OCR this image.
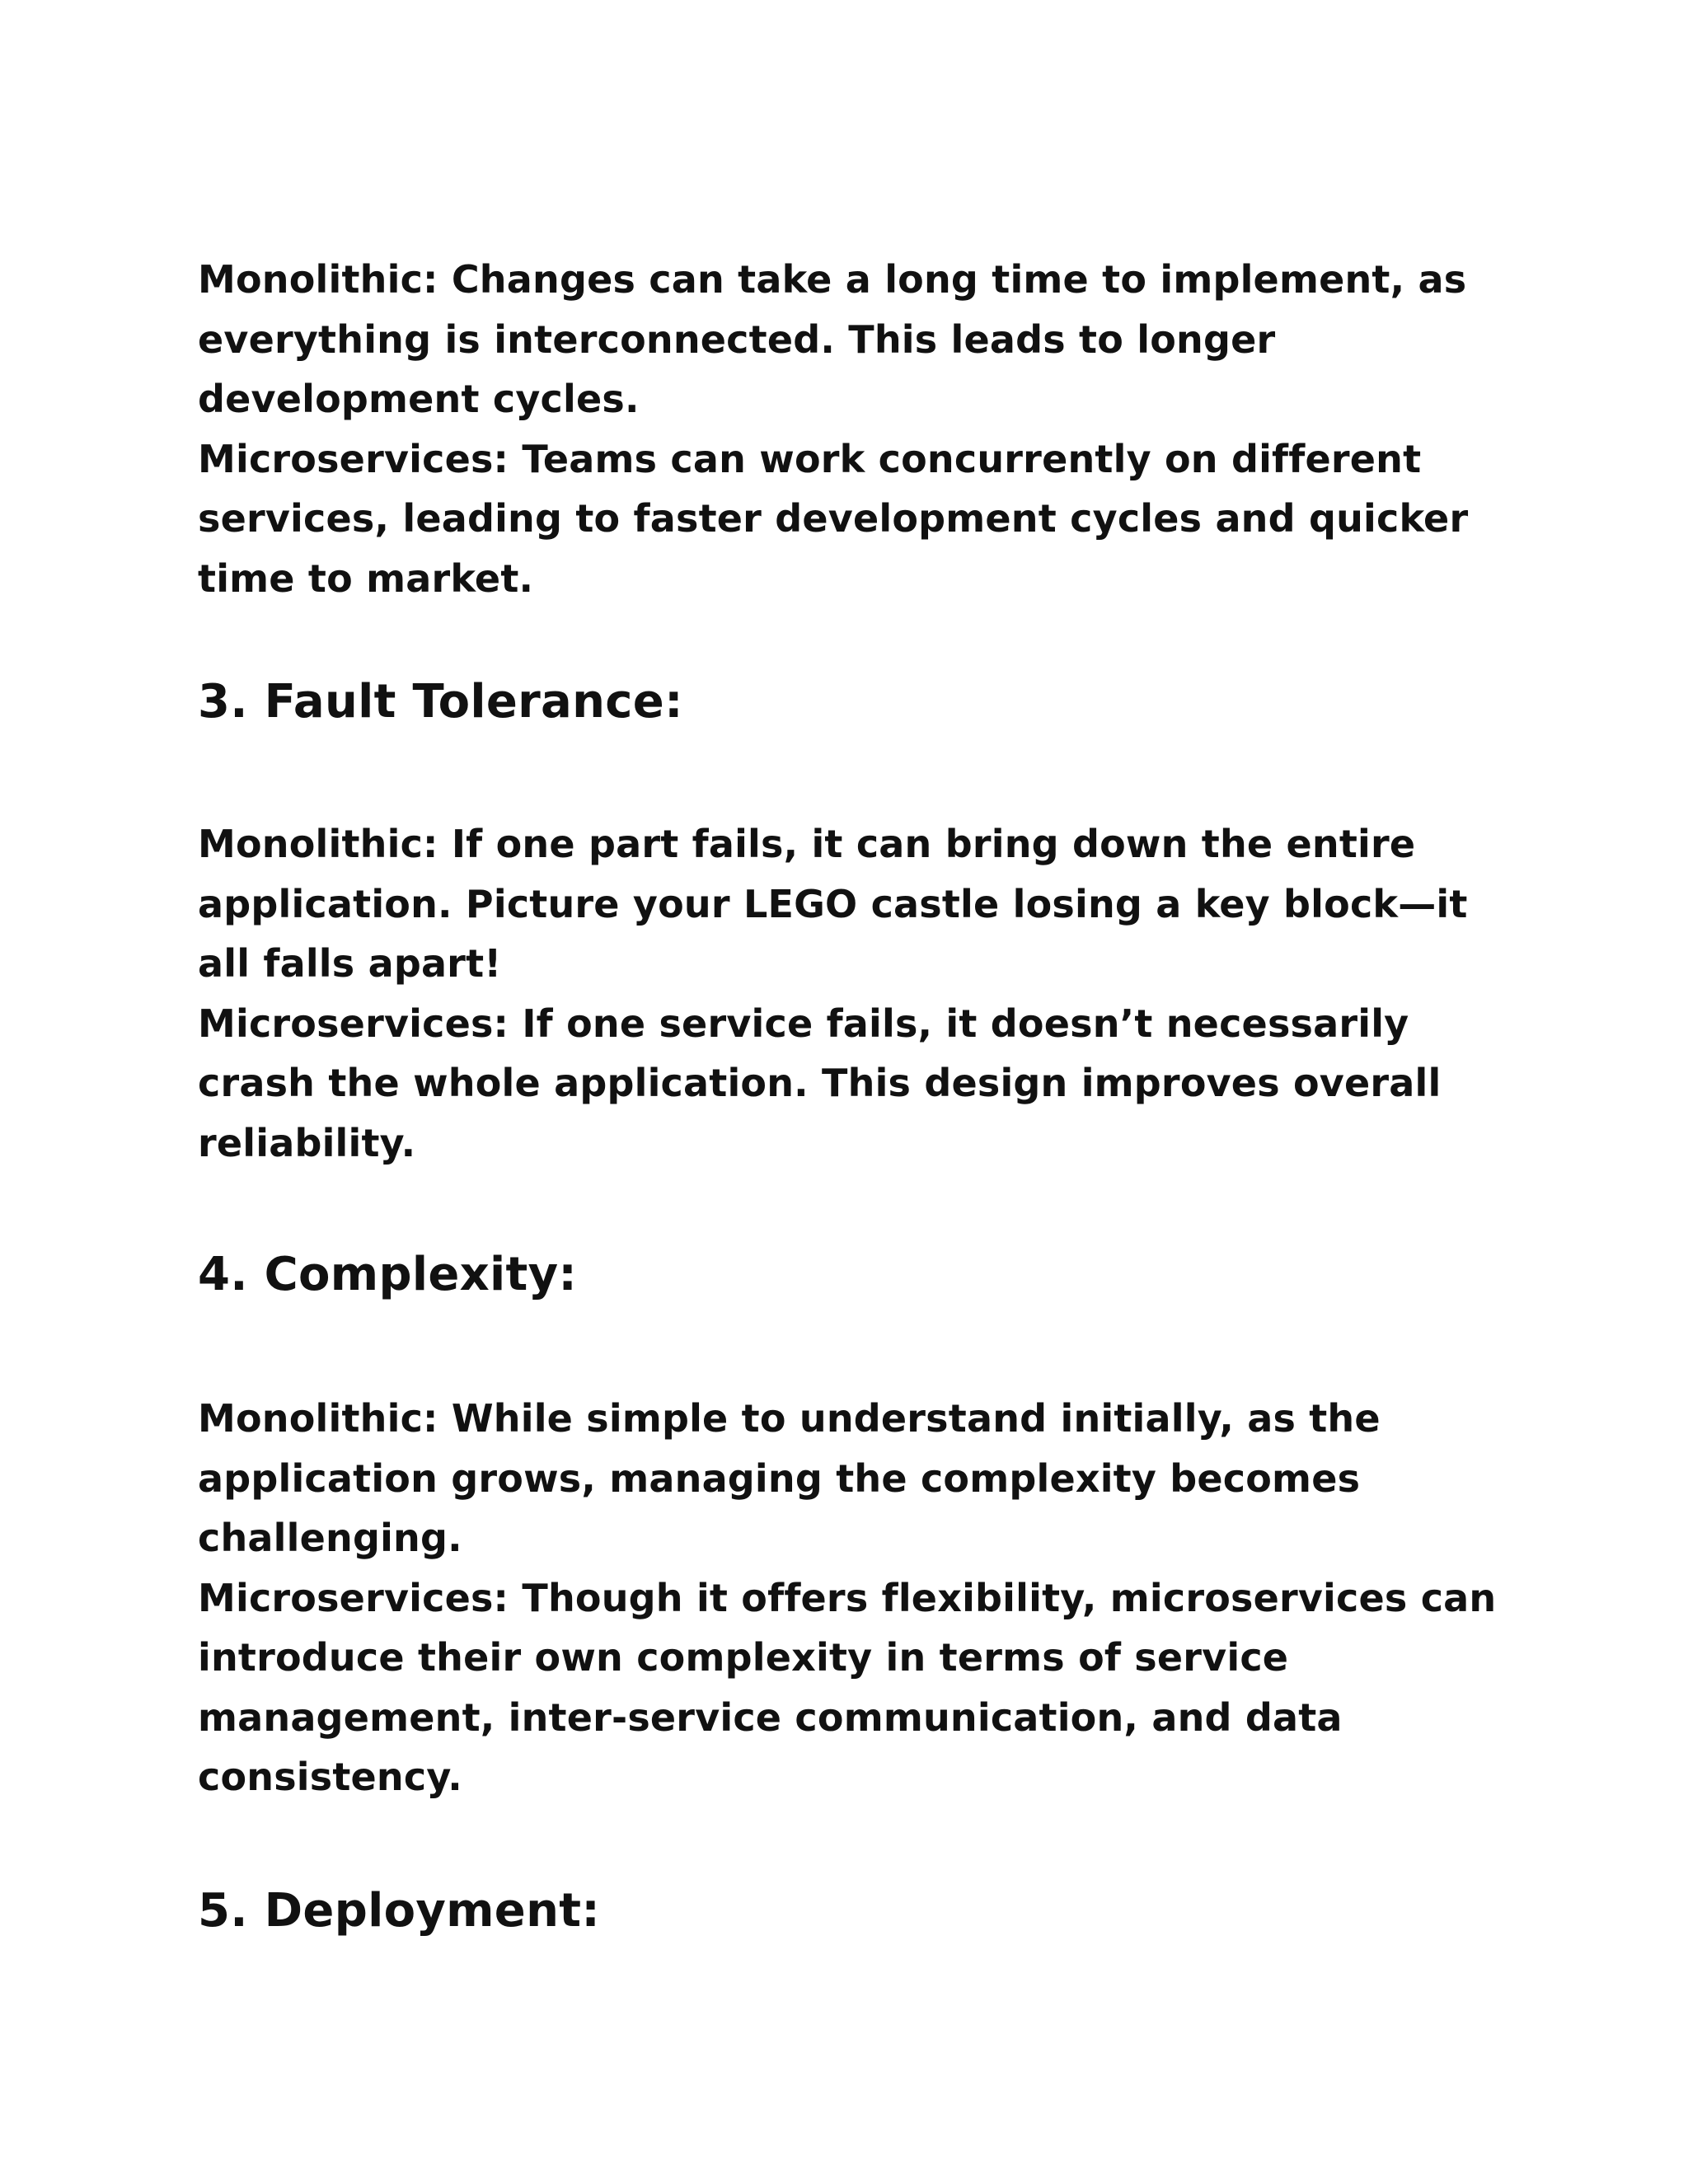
Monolithic: Changes can take a long time to implement, as
everything is interconnected. This leads to longer
development cycles.

Microservices: Teams can work concurrently on different
services, leading to faster development cycles and quicker
time to market.

3. Fault Tolerance:

Monolithic: If one part fails, it can bring down the entire
application. Picture your LEGO castle losing a key block—it
all falls apart!

Microservices: If one service fails, it doesn’t necessarily
crash the whole application. This design improves overall
reliability.

4. Complexity:

Monolithic: While simple to understand initially, as the
application grows, managing the complexity becomes
challenging.

Microservices: Though it offers flexibility, microservices can
introduce their own complexity in terms of service
management, inter-service communication, and data
consistency.

5. Deployment:
